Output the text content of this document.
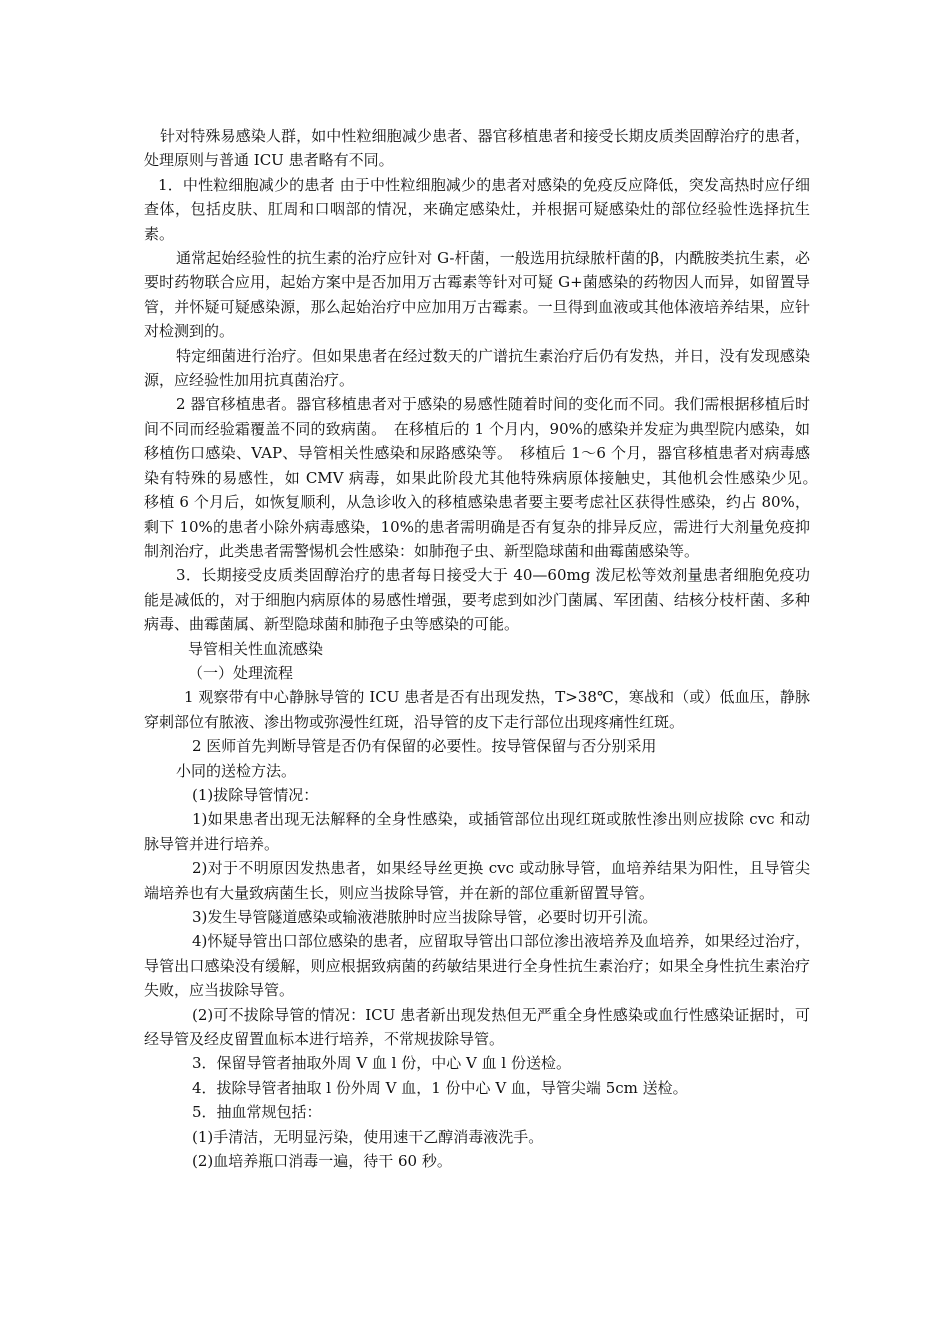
针对特殊易感染人群，如中性粒细胞减少患者、器官移植患者和接受长期皮质类固醇治疗的患者，处理原则与普通 ICU 患者略有不同。

1．中性粒细胞减少的患者 由于中性粒细胞减少的患者对感染的免疫反应降低，突发高热时应仔细查体，包括皮肤、肛周和口咽部的情况，来确定感染灶，并根据可疑感染灶的部位经验性选择抗生素。

通常起始经验性的抗生素的治疗应针对 G-杆菌，一般选用抗绿脓杆菌的β，内酰胺类抗生素，必要时药物联合应用，起始方案中是否加用万古霉素等针对可疑 G+菌感染的药物因人而异，如留置导管，并怀疑可疑感染源，那么起始治疗中应加用万古霉素。一旦得到血液或其他体液培养结果，应针对检测到的。

特定细菌进行治疗。但如果患者在经过数天的广谱抗生素治疗后仍有发热，并日，没有发现感染源，应经验性加用抗真菌治疗。

2 器官移植患者。器官移植患者对于感染的易感性随着时间的变化而不同。我们需根据移植后时间不同而经验霜覆盖不同的致病菌。　在移植后的 1 个月内，90%的感染并发症为典型院内感染，如移植伤口感染、VAP、导管相关性感染和尿路感染等。　移植后 1～6 个月，器官移植患者对病毒感染有特殊的易感性，如 CMV 病毒，如果此阶段尤其他特殊病原体接触史，其他机会性感染少见。　移植 6 个月后，如恢复顺利，从急诊收入的移植感染患者要主要考虑社区获得性感染，约占 80%，剩下 10%的患者小除外病毒感染，10%的患者需明确是否有复杂的排异反应，需进行大剂量免疫抑制剂治疗，此类患者需警惕机会性感染：如肺孢子虫、新型隐球菌和曲霉菌感染等。

3．长期接受皮质类固醇治疗的患者每日接受大于 40—60mg 泼尼松等效剂量患者细胞免疫功能是减低的，对于细胞内病原体的易感性增强，要考虑到如沙门菌属、军团菌、结核分枝杆菌、多种病毒、曲霉菌属、新型隐球菌和肺孢子虫等感染的可能。

导管相关性血流感染

（一）处理流程

1 观察带有中心静脉导管的 ICU 患者是否有出现发热，T>38℃，寒战和（或）低血压，静脉穿刺部位有脓液、渗出物或弥漫性红斑，沿导管的皮下走行部位出现疼痛性红斑。

2 医师首先判断导管是否仍有保留的必要性。按导管保留与否分别采用

小同的送检方法。

(1)拔除导管情况：

1)如果患者出现无法解释的全身性感染，或插管部位出现红斑或脓性渗出则应拔除 cvc 和动脉导管并进行培养。

2)对于不明原因发热患者，如果经导丝更换 cvc 或动脉导管，血培养结果为阳性，且导管尖端培养也有大量致病菌生长，则应当拔除导管，并在新的部位重新留置导管。

3)发生导管隧道感染或输液港脓肿时应当拔除导管，必要时切开引流。

4)怀疑导管出口部位感染的患者，应留取导管出口部位渗出液培养及血培养，如果经过治疗，导管出口感染没有缓解，则应根据致病菌的药敏结果进行全身性抗生素治疗；如果全身性抗生素治疗失败，应当拔除导管。

(2)可不拔除导管的情况：ICU 患者新出现发热但无严重全身性感染或血行性感染证据时，可经导管及经皮留置血标本进行培养，不常规拔除导管。

3．保留导管者抽取外周 V 血 l 份，中心 V 血 l 份送检。

4．拔除导管者抽取 l 份外周 V 血，1 份中心 V 血，导管尖端 5cm 送检。

5．抽血常规包括：

(1)手清洁，无明显污染，使用速干乙醇消毒液洗手。

(2)血培养瓶口消毒一遍，待干 60 秒。
